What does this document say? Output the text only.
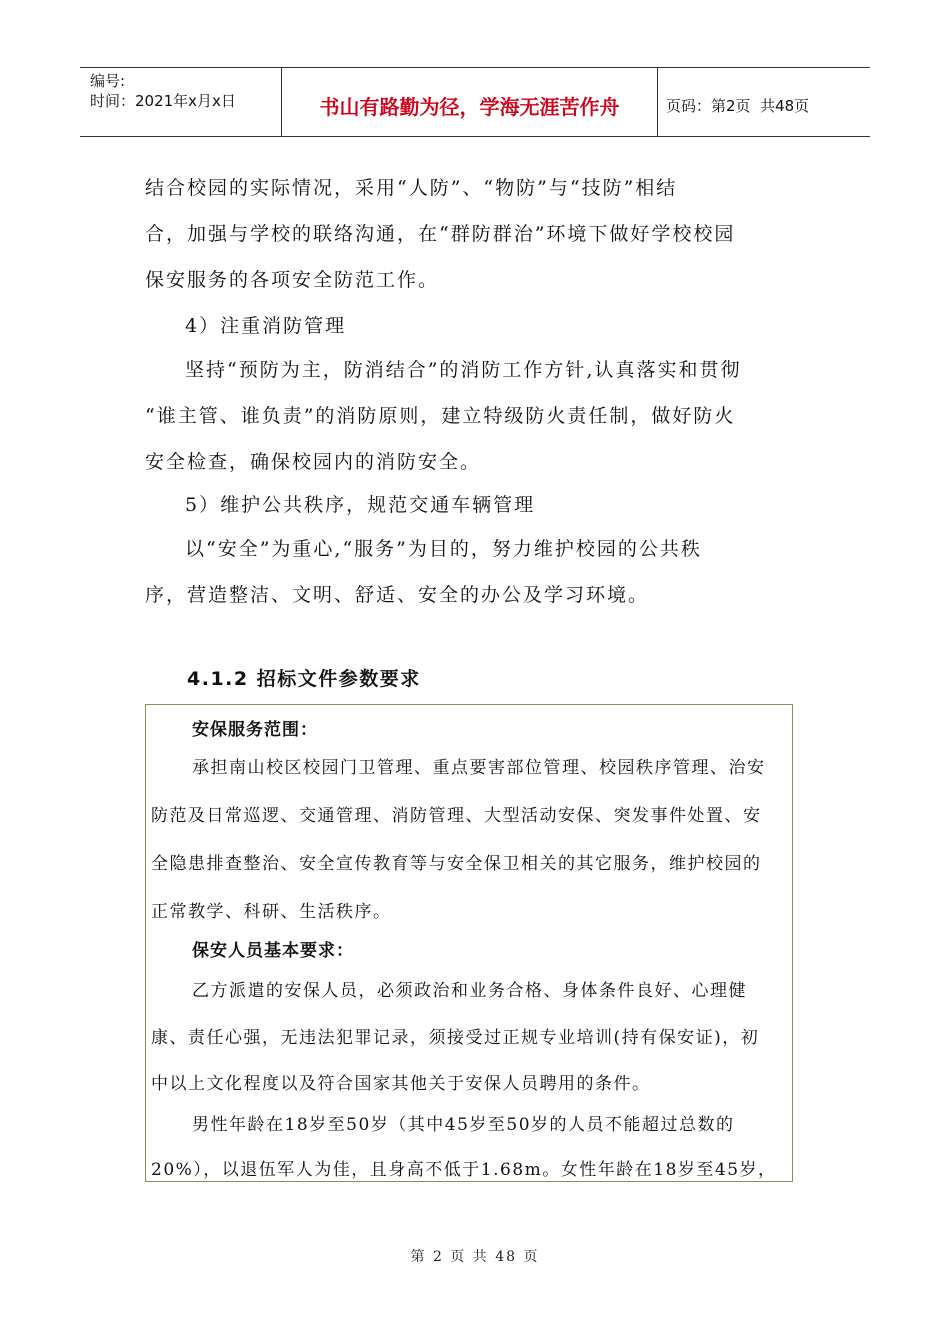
编号:
时间：2021年x月x日	书山有路勤为径，学海无涯苦作舟	页码：第2页  共48页
结合校园的实际情况，采用“人防”、“物防”与“技防”相结
合，加强与学校的联络沟通，在“群防群治”环境下做好学校校园
保安服务的各项安全防范工作。
4）注重消防管理
坚持“预防为主，防消结合”的消防工作方针,认真落实和贯彻
“谁主管、谁负责”的消防原则，建立特级防火责任制，做好防火
安全检查，确保校园内的消防安全。
5）维护公共秩序，规范交通车辆管理
以“安全”为重心,“服务”为目的，努力维护校园的公共秩
序，营造整洁、文明、舒适、安全的办公及学习环境。
4.1.2 招标文件参数要求
安保服务范围：
承担南山校区校园门卫管理、重点要害部位管理、校园秩序管理、治安
防范及日常巡逻、交通管理、消防管理、大型活动安保、突发事件处置、安
全隐患排查整治、安全宣传教育等与安全保卫相关的其它服务，维护校园的
正常教学、科研、生活秩序。
保安人员基本要求：
乙方派遣的安保人员，必须政治和业务合格、身体条件良好、心理健
康、责任心强，无违法犯罪记录，须接受过正规专业培训(持有保安证)，初
中以上文化程度以及符合国家其他关于安保人员聘用的条件。
男性年龄在18岁至50岁（其中45岁至50岁的人员不能超过总数的
20%），以退伍军人为佳，且身高不低于1.68m。女性年龄在18岁至45岁，
第 2 页 共 48 页
